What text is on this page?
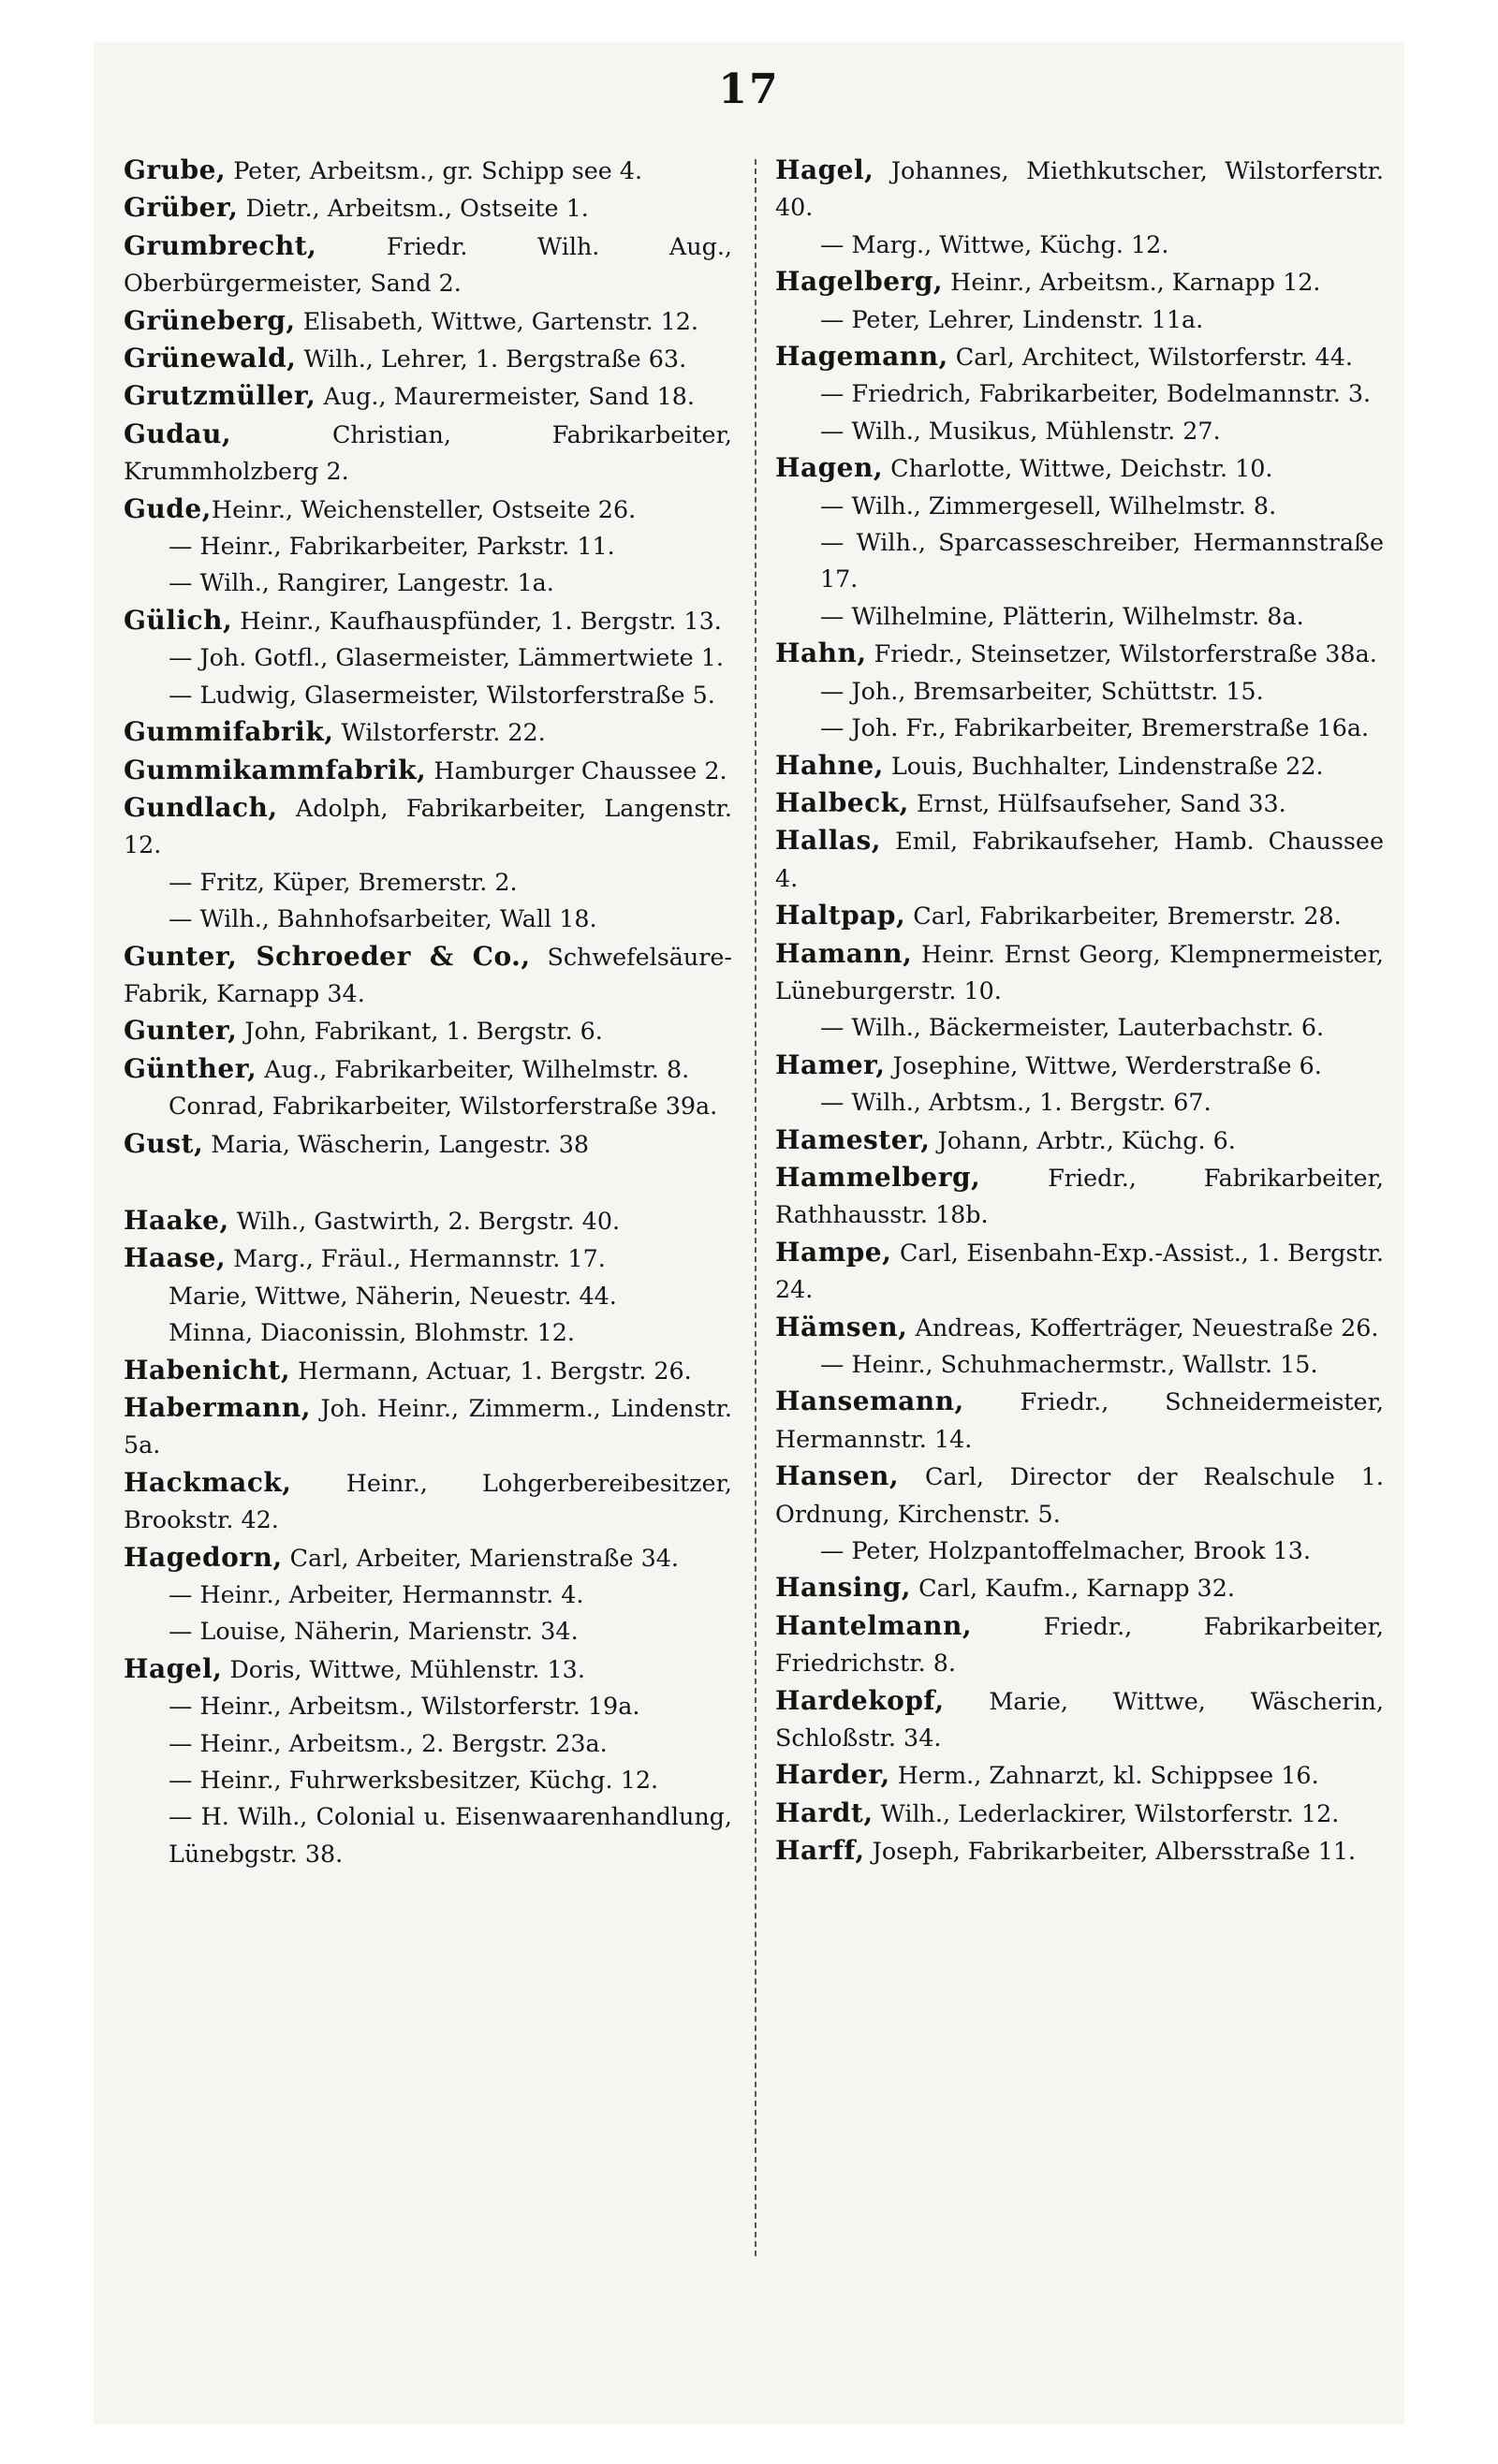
17

Grube, Peter, Arbeitsm., gr. Schipp see 4.

Grüber, Dietr., Arbeitsm., Ostseite 1.

Grumbrecht, Friedr. Wilh. Aug., Oberbürgermeister, Sand 2.

Grüneberg, Elisabeth, Wittwe, Gartenstr. 12.

Grünewald, Wilh., Lehrer, 1. Bergstraße 63.

Grutzmüller, Aug., Maurermeister, Sand 18.

Gudau, Christian, Fabrikarbeiter, Krummholzberg 2.

Gude,Heinr., Weichensteller, Ostseite 26.

— Heinr., Fabrikarbeiter, Parkstr. 11.

— Wilh., Rangirer, Langestr. 1a.

Gülich, Heinr., Kaufhauspfünder, 1. Bergstr. 13.

— Joh. Gotfl., Glasermeister, Lämmertwiete 1.

— Ludwig, Glasermeister, Wilstorferstraße 5.

Gummifabrik, Wilstorferstr. 22.

Gummikammfabrik, Hamburger Chaussee 2.

Gundlach, Adolph, Fabrikarbeiter, Langenstr. 12.

— Fritz, Küper, Bremerstr. 2.

— Wilh., Bahnhofsarbeiter, Wall 18.

Gunter, Schroeder & Co., Schwefelsäure-Fabrik, Karnapp 34.

Gunter, John, Fabrikant, 1. Bergstr. 6.

Günther, Aug., Fabrikarbeiter, Wilhelmstr. 8.

Conrad, Fabrikarbeiter, Wilstorferstraße 39a.

Gust, Maria, Wäscherin, Langestr. 38

Haake, Wilh., Gastwirth, 2. Bergstr. 40.

Haase, Marg., Fräul., Hermannstr. 17.

Marie, Wittwe, Näherin, Neuestr. 44.

Minna, Diaconissin, Blohmstr. 12.

Habenicht, Hermann, Actuar, 1. Bergstr. 26.

Habermann, Joh. Heinr., Zimmerm., Lindenstr. 5a.

Hackmack, Heinr., Lohgerbereibesitzer, Brookstr. 42.

Hagedorn, Carl, Arbeiter, Marienstraße 34.

— Heinr., Arbeiter, Hermannstr. 4.

— Louise, Näherin, Marienstr. 34.

Hagel, Doris, Wittwe, Mühlenstr. 13.

— Heinr., Arbeitsm., Wilstorferstr. 19a.

— Heinr., Arbeitsm., 2. Bergstr. 23a.

— Heinr., Fuhrwerksbesitzer, Küchg. 12.

— H. Wilh., Colonial u. Eisenwaarenhandlung, Lünebgstr. 38.

Hagel, Johannes, Miethkutscher, Wilstorferstr. 40.

— Marg., Wittwe, Küchg. 12.

Hagelberg, Heinr., Arbeitsm., Karnapp 12.

— Peter, Lehrer, Lindenstr. 11a.

Hagemann, Carl, Architect, Wilstorferstr. 44.

— Friedrich, Fabrikarbeiter, Bodelmannstr. 3.

— Wilh., Musikus, Mühlenstr. 27.

Hagen, Charlotte, Wittwe, Deichstr. 10.

— Wilh., Zimmergesell, Wilhelmstr. 8.

— Wilh., Sparcasseschreiber, Hermannstraße 17.

— Wilhelmine, Plätterin, Wilhelmstr. 8a.

Hahn, Friedr., Steinsetzer, Wilstorferstraße 38a.

— Joh., Bremsarbeiter, Schüttstr. 15.

— Joh. Fr., Fabrikarbeiter, Bremerstraße 16a.

Hahne, Louis, Buchhalter, Lindenstraße 22.

Halbeck, Ernst, Hülfsaufseher, Sand 33.

Hallas, Emil, Fabrikaufseher, Hamb. Chaussee 4.

Haltpap, Carl, Fabrikarbeiter, Bremerstr. 28.

Hamann, Heinr. Ernst Georg, Klempnermeister, Lüneburgerstr. 10.

— Wilh., Bäckermeister, Lauterbachstr. 6.

Hamer, Josephine, Wittwe, Werderstraße 6.

— Wilh., Arbtsm., 1. Bergstr. 67.

Hamester, Johann, Arbtr., Küchg. 6.

Hammelberg, Friedr., Fabrikarbeiter, Rathhausstr. 18b.

Hampe, Carl, Eisenbahn-Exp.-Assist., 1. Bergstr. 24.

Hämsen, Andreas, Kofferträger, Neuestraße 26.

— Heinr., Schuhmachermstr., Wallstr. 15.

Hansemann, Friedr., Schneidermeister, Hermannstr. 14.

Hansen, Carl, Director der Realschule 1. Ordnung, Kirchenstr. 5.

— Peter, Holzpantoffelmacher, Brook 13.

Hansing, Carl, Kaufm., Karnapp 32.

Hantelmann, Friedr., Fabrikarbeiter, Friedrichstr. 8.

Hardekopf, Marie, Wittwe, Wäscherin, Schloßstr. 34.

Harder, Herm., Zahnarzt, kl. Schippsee 16.

Hardt, Wilh., Lederlackirer, Wilstorferstr. 12.

Harff, Joseph, Fabrikarbeiter, Albersstraße 11.
